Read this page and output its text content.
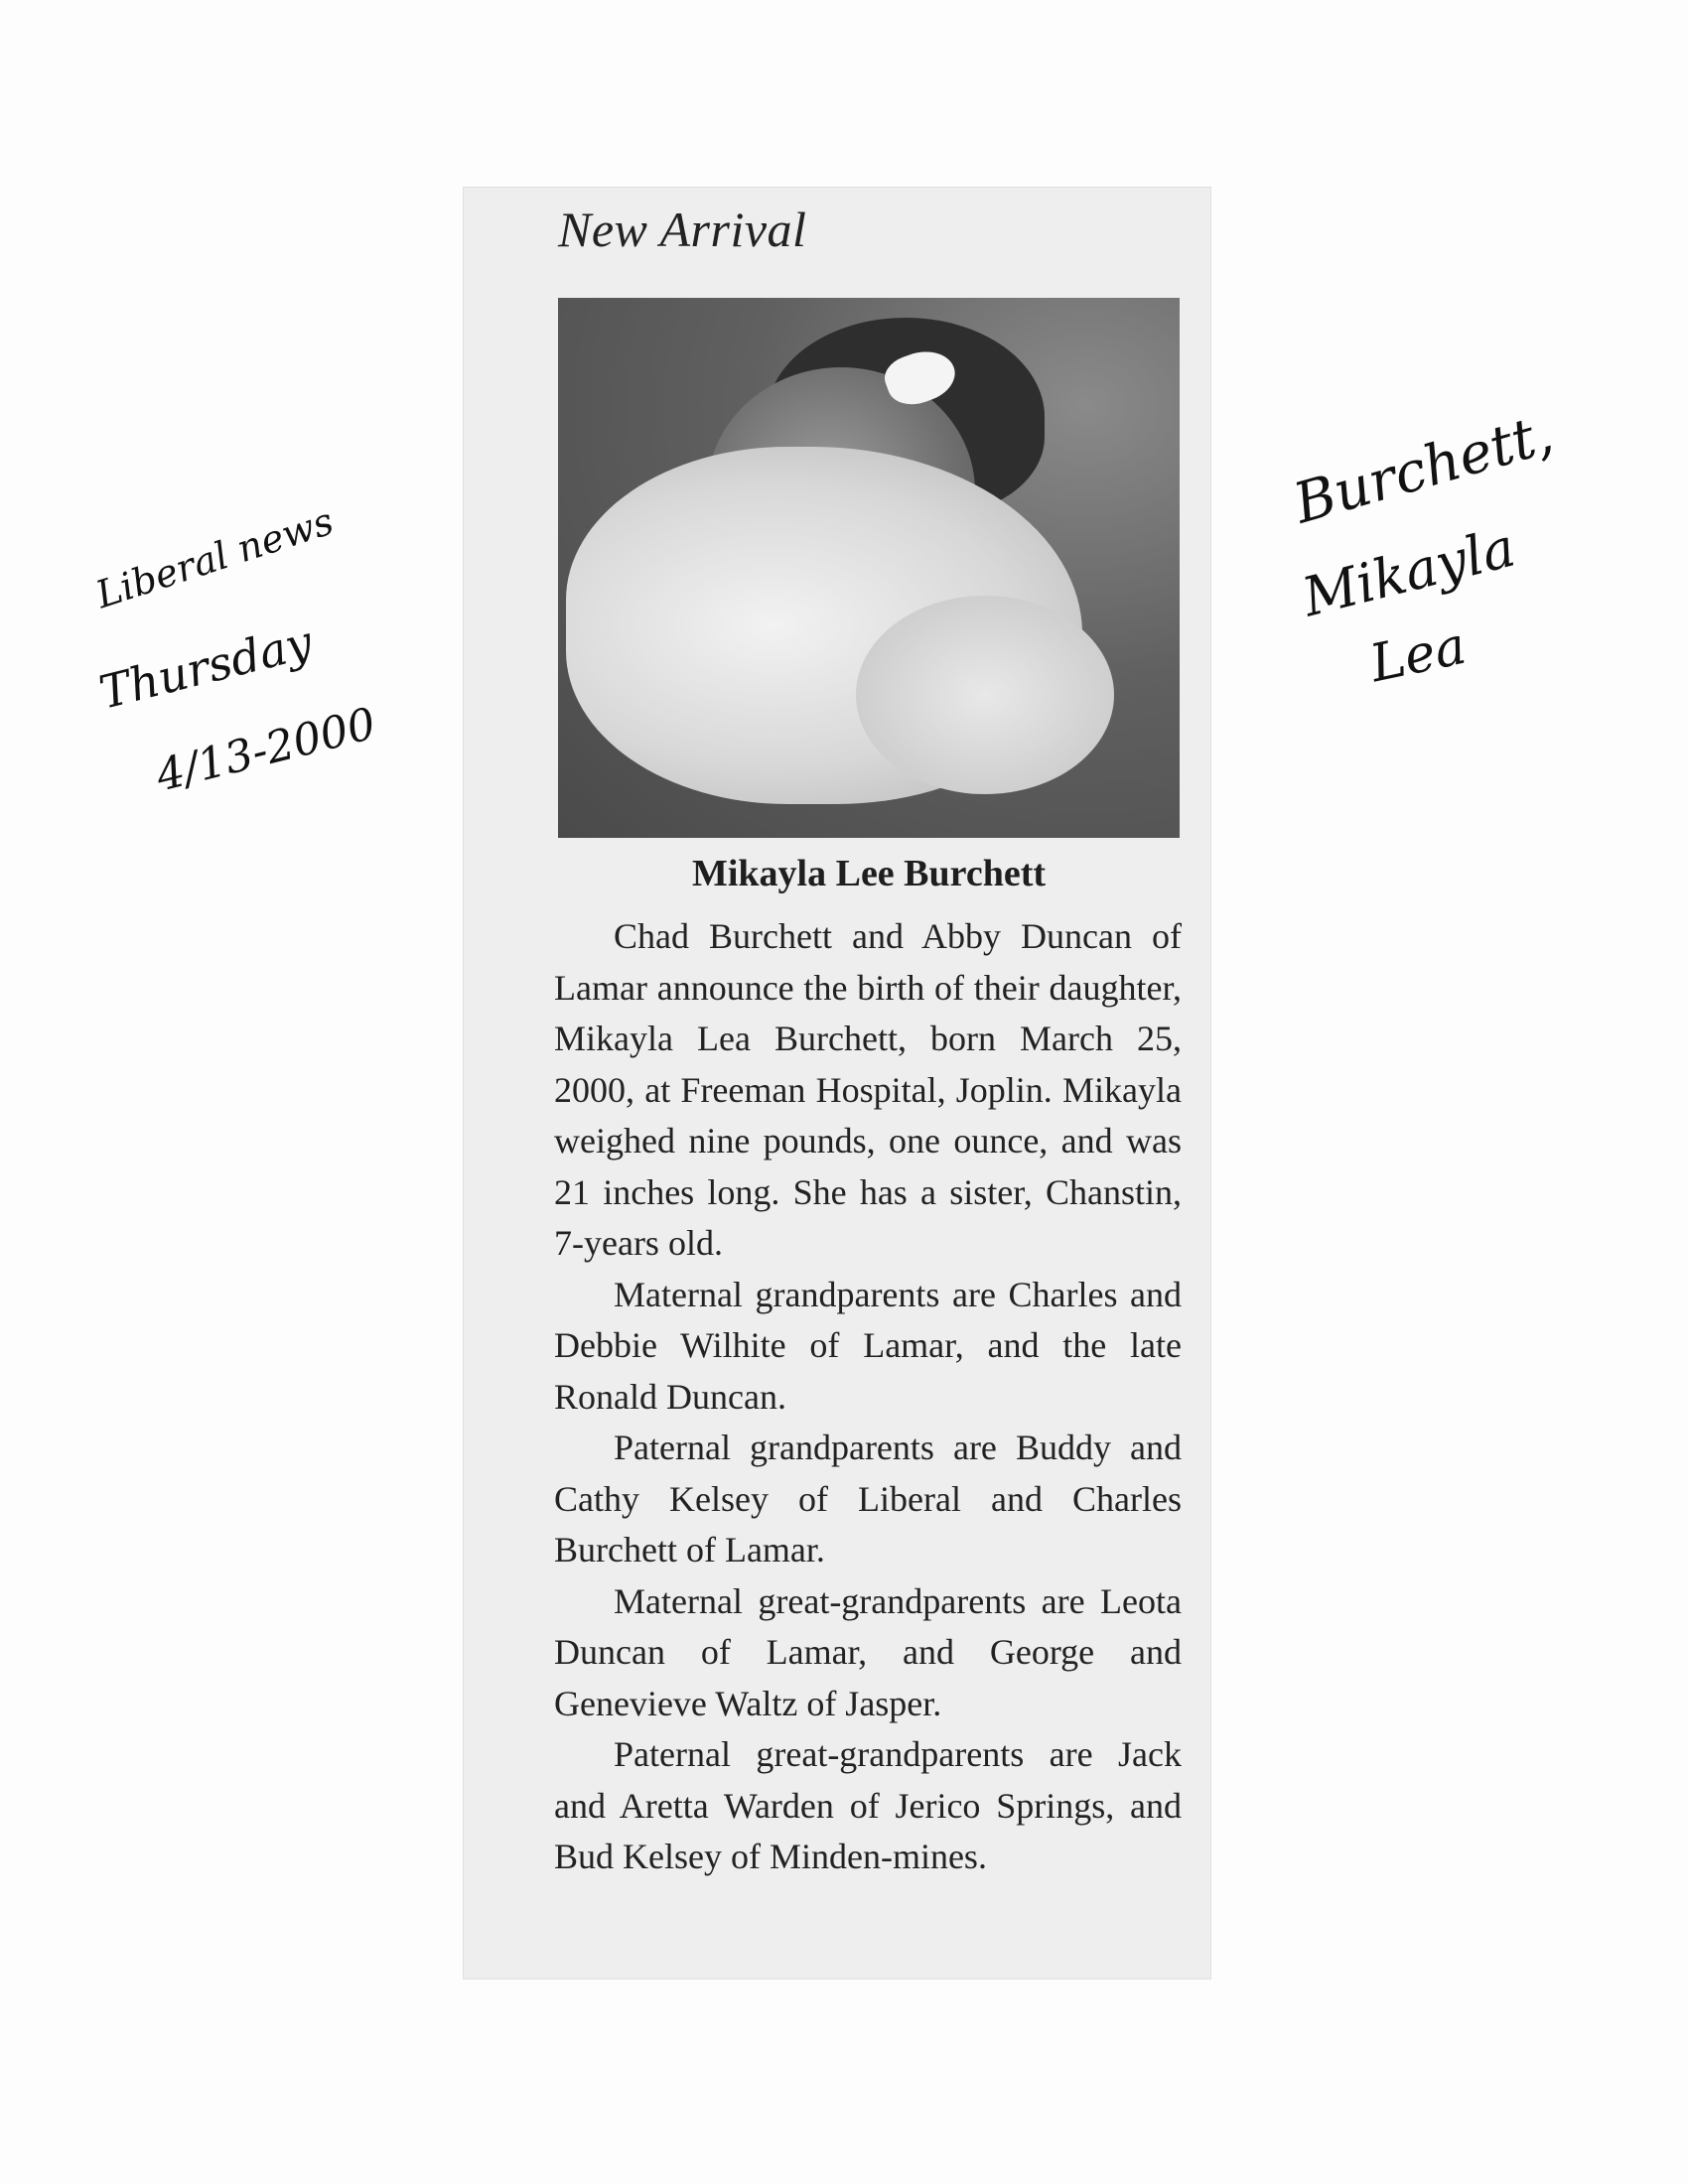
New Arrival
Mikayla Lee Burchett

Chad Burchett and Abby Duncan of Lamar announce the birth of their daughter, Mikayla Lea Burchett, born March 25, 2000, at Freeman Hospital, Joplin. Mikayla weighed nine pounds, one ounce, and was 21 inches long. She has a sister, Chanstin, 7-years old.

Maternal grandparents are Charles and Debbie Wilhite of Lamar, and the late Ronald Duncan.

Paternal grandparents are Buddy and Cathy Kelsey of Liberal and Charles Burchett of Lamar.

Maternal great-grandparents are Leota Duncan of Lamar, and George and Genevieve Waltz of Jasper.

Paternal great-grandparents are Jack and Aretta Warden of Jerico Springs, and Bud Kelsey of Minden-mines.

Liberal news
Thursday
4/13-2000
Burchett,
Mikayla
Lea
